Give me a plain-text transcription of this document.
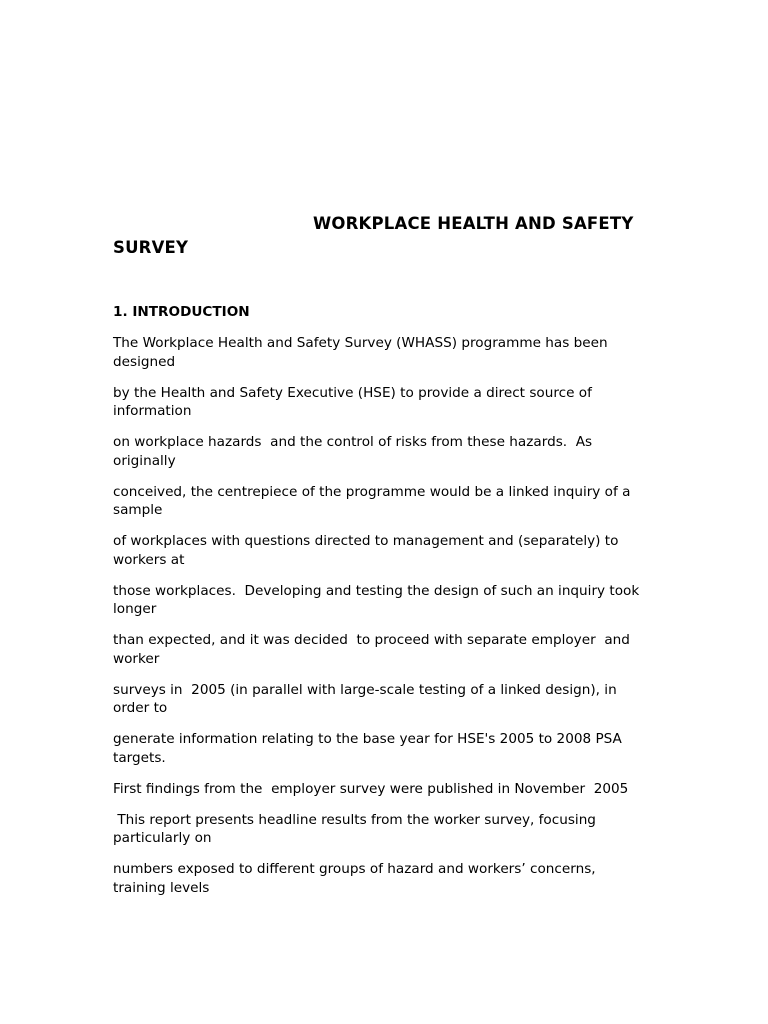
WORKPLACE HEALTH AND SAFETY
SURVEY
1. INTRODUCTION

The Workplace Health and Safety Survey (WHASS) programme has been
designed

by the Health and Safety Executive (HSE) to provide a direct source of
information

on workplace hazards  and the control of risks from these hazards.  As
originally

conceived, the centrepiece of the programme would be a linked inquiry of a
sample

of workplaces with questions directed to management and (separately) to
workers at

those workplaces.  Developing and testing the design of such an inquiry took
longer

than expected, and it was decided  to proceed with separate employer  and
worker

surveys in  2005 (in parallel with large-scale testing of a linked design), in
order to

generate information relating to the base year for HSE's 2005 to 2008 PSA
targets.

First findings from the  employer survey were published in November  2005

This report presents headline results from the worker survey, focusing
particularly on

numbers exposed to different groups of hazard and workers’ concerns,
training levels
